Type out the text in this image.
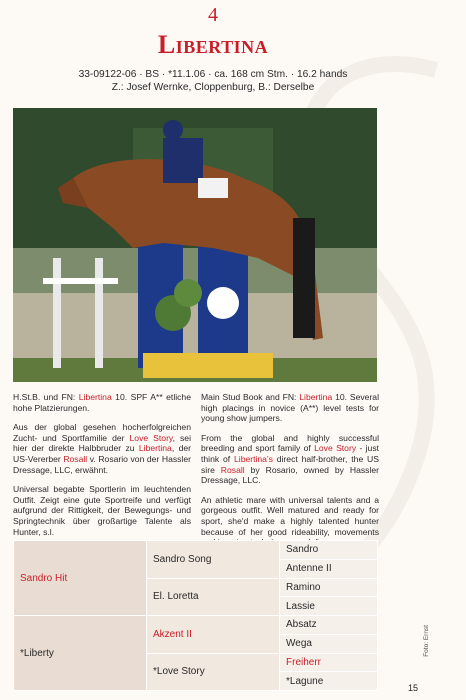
4
Libertina
33-09122-06 · BS · *11.1.06 · ca. 168 cm Stm. · 16.2 hands
Z.: Josef Wernke, Cloppenburg, B.: Derselbe

H.St.B. und FN: Libertina 10. SPF A** etliche hohe Platzierungen.

Aus der global gesehen hocherfolgreichen Zucht- und Sportfamilie der Love Story, sei hier der direkte Halbbruder zu Libertina, der US-Vererber Rosall v. Rosario von der Hassler Dressage, LLC, erwähnt.

Universal begabte Sportlerin im leuchtenden Outfit. Zeigt eine gute Sportreife und verfügt aufgrund der Rittigkeit, der Bewegungs- und Springtechnik über großartige Talente als Hunter, s.l.

Main Stud Book and FN: Libertina 10. Several high placings in novice (A**) level tests for young show jumpers.

From the global and highly successful breeding and sport family of Love Story - just think of Libertina's direct half-brother, the US sire Rosall by Rosario, owned by Hassler Dressage, LLC.

An athletic mare with universal talents and a gorgeous outfit. Well matured and ready for sport, she'd make a highly talented hunter because of her good rideability, movements

Sandro Hit	Sandro Song	Sandro
		Antenne II
	El. Loretta	Ramino
		Lassie
*Liberty	Akzent II	Absatz
		Wega
	*Love Story	Freiherr
		*Lagune
Foto: Ernst
15
